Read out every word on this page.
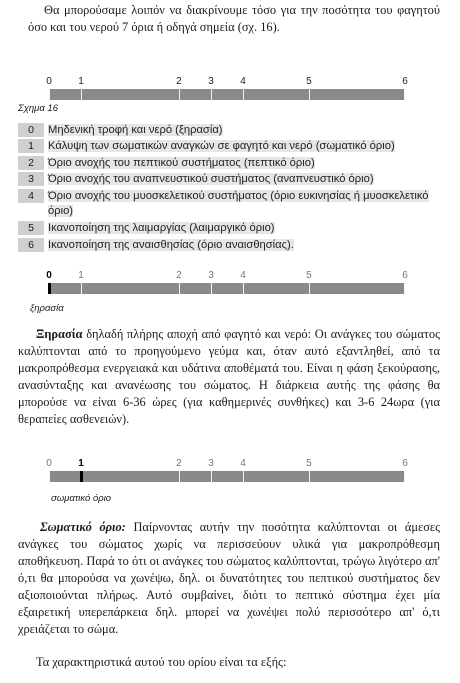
Θα μπορούσαμε λοιπόν να διακρίνουμε τόσο για την ποσότητα του φαγητού όσο και του νερού 7 όρια ή οδηγά σημεία (σχ. 16).
0	1	2	3	4	5	6
Σχημα 16
0	Μηδενική τροφή και νερό (ξηρασία)
1	Κάλυψη των σωματικών αναγκών σε φαγητό και νερό (σωματικό όριο)
2	Όριο ανοχής του πεπτικού συστήματος (πεπτικό όριο)
3	Όριο ανοχής του αναπνευστικού συστήματος (αναπνευστικό όριο)
4	Όριο ανοχής του μυοσκελετικού συστήματος (όριο ευκινησίας ή μυοσκελετικό όριο)
5	Ικανοποίηση της λαιμαργίας (λαιμαργικό όριο)
6	Ικανοποίηση της αναισθησίας (όριο αναισθησίας).
0	1	2	3	4	5	6
ξηρασία
Ξηρασία δηλαδή πλήρης αποχή από φαγητό και νερό: Οι ανάγκες του σώματος καλύπτονται από το προηγούμενο γεύμα και, όταν αυτό εξαντληθεί, από τα μακροπρόθεσμα ενεργειακά και υδάτινα αποθέματά του. Είναι η φάση ξεκούρασης, ανασύνταξης και ανανέωσης του σώματος. Η διάρκεια αυτής της φάσης θα μπορούσε να είναι 6-36 ώρες (για καθημερινές συνθήκες) και 3-6 24ωρα (για θεραπείες ασθενειών).
0	1	2	3	4	5	6
σωματικό όριο
Σωματικό όριο: Παίρνοντας αυτήν την ποσότητα καλύπτονται οι άμεσες ανάγκες του σώματος χωρίς να περισσεύουν υλικά για μακροπρόθεσμη αποθήκευση. Παρά το ότι οι ανάγκες του σώματος καλύπτονται, τρώγω λιγότερο απ' ό,τι θα μπορούσα να χωνέψω, δηλ. οι δυνατότητες του πεπτικού συστήματος δεν αξιοποιούνται πλήρως. Αυτό συμβαίνει, διότι το πεπτικό σύστημα έχει μία εξαιρετική υπερεπάρκεια δηλ. μπορεί να χωνέψει πολύ περισσότερο απ' ό,τι χρειάζεται το σώμα.
Τα χαρακτηριστικά αυτού του ορίου είναι τα εξής:
